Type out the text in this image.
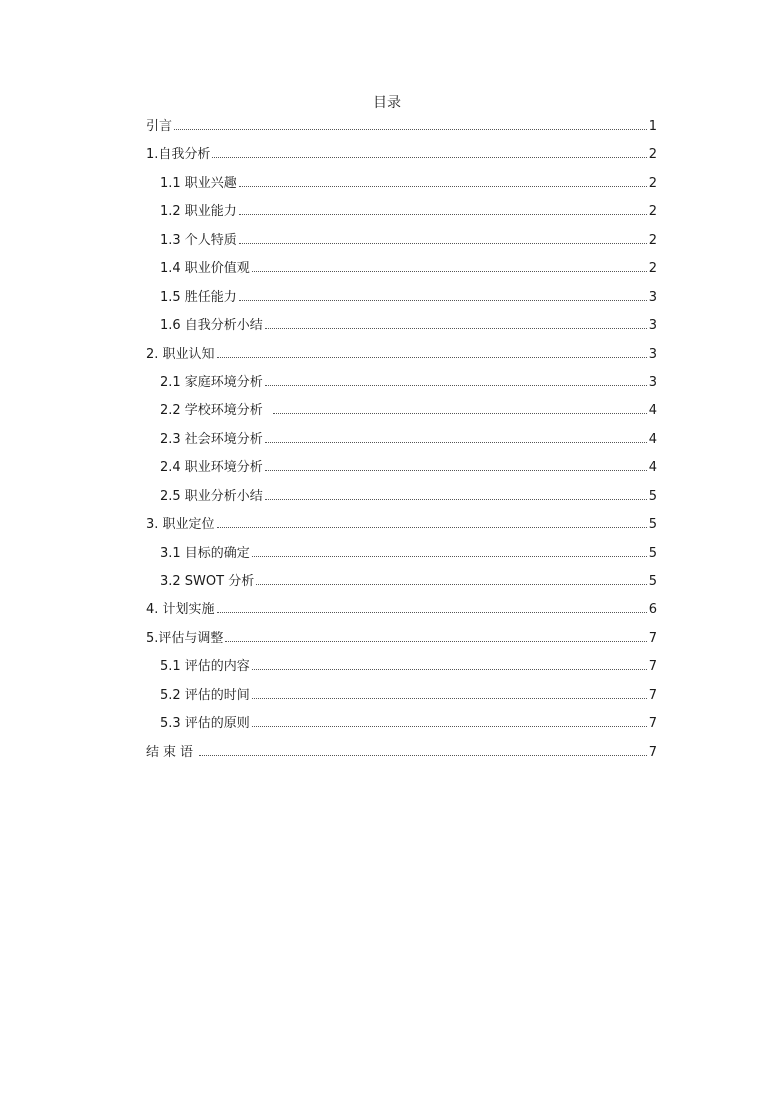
目录
引言	1
1.自我分析	2
1.1 职业兴趣	2
1.2 职业能力	2
1.3 个人特质	2
1.4 职业价值观	2
1.5 胜任能力	3
1.6 自我分析小结	3
2. 职业认知	3
2.1 家庭环境分析	3
2.2 学校环境分析	4
2.3 社会环境分析	4
2.4 职业环境分析	4
2.5 职业分析小结	5
3. 职业定位	5
3.1 目标的确定	5
3.2 SWOT 分析	5
4. 计划实施	6
5.评估与调整	7
5.1 评估的内容	7
5.2 评估的时间	7
5.3 评估的原则	7
结束语	7
